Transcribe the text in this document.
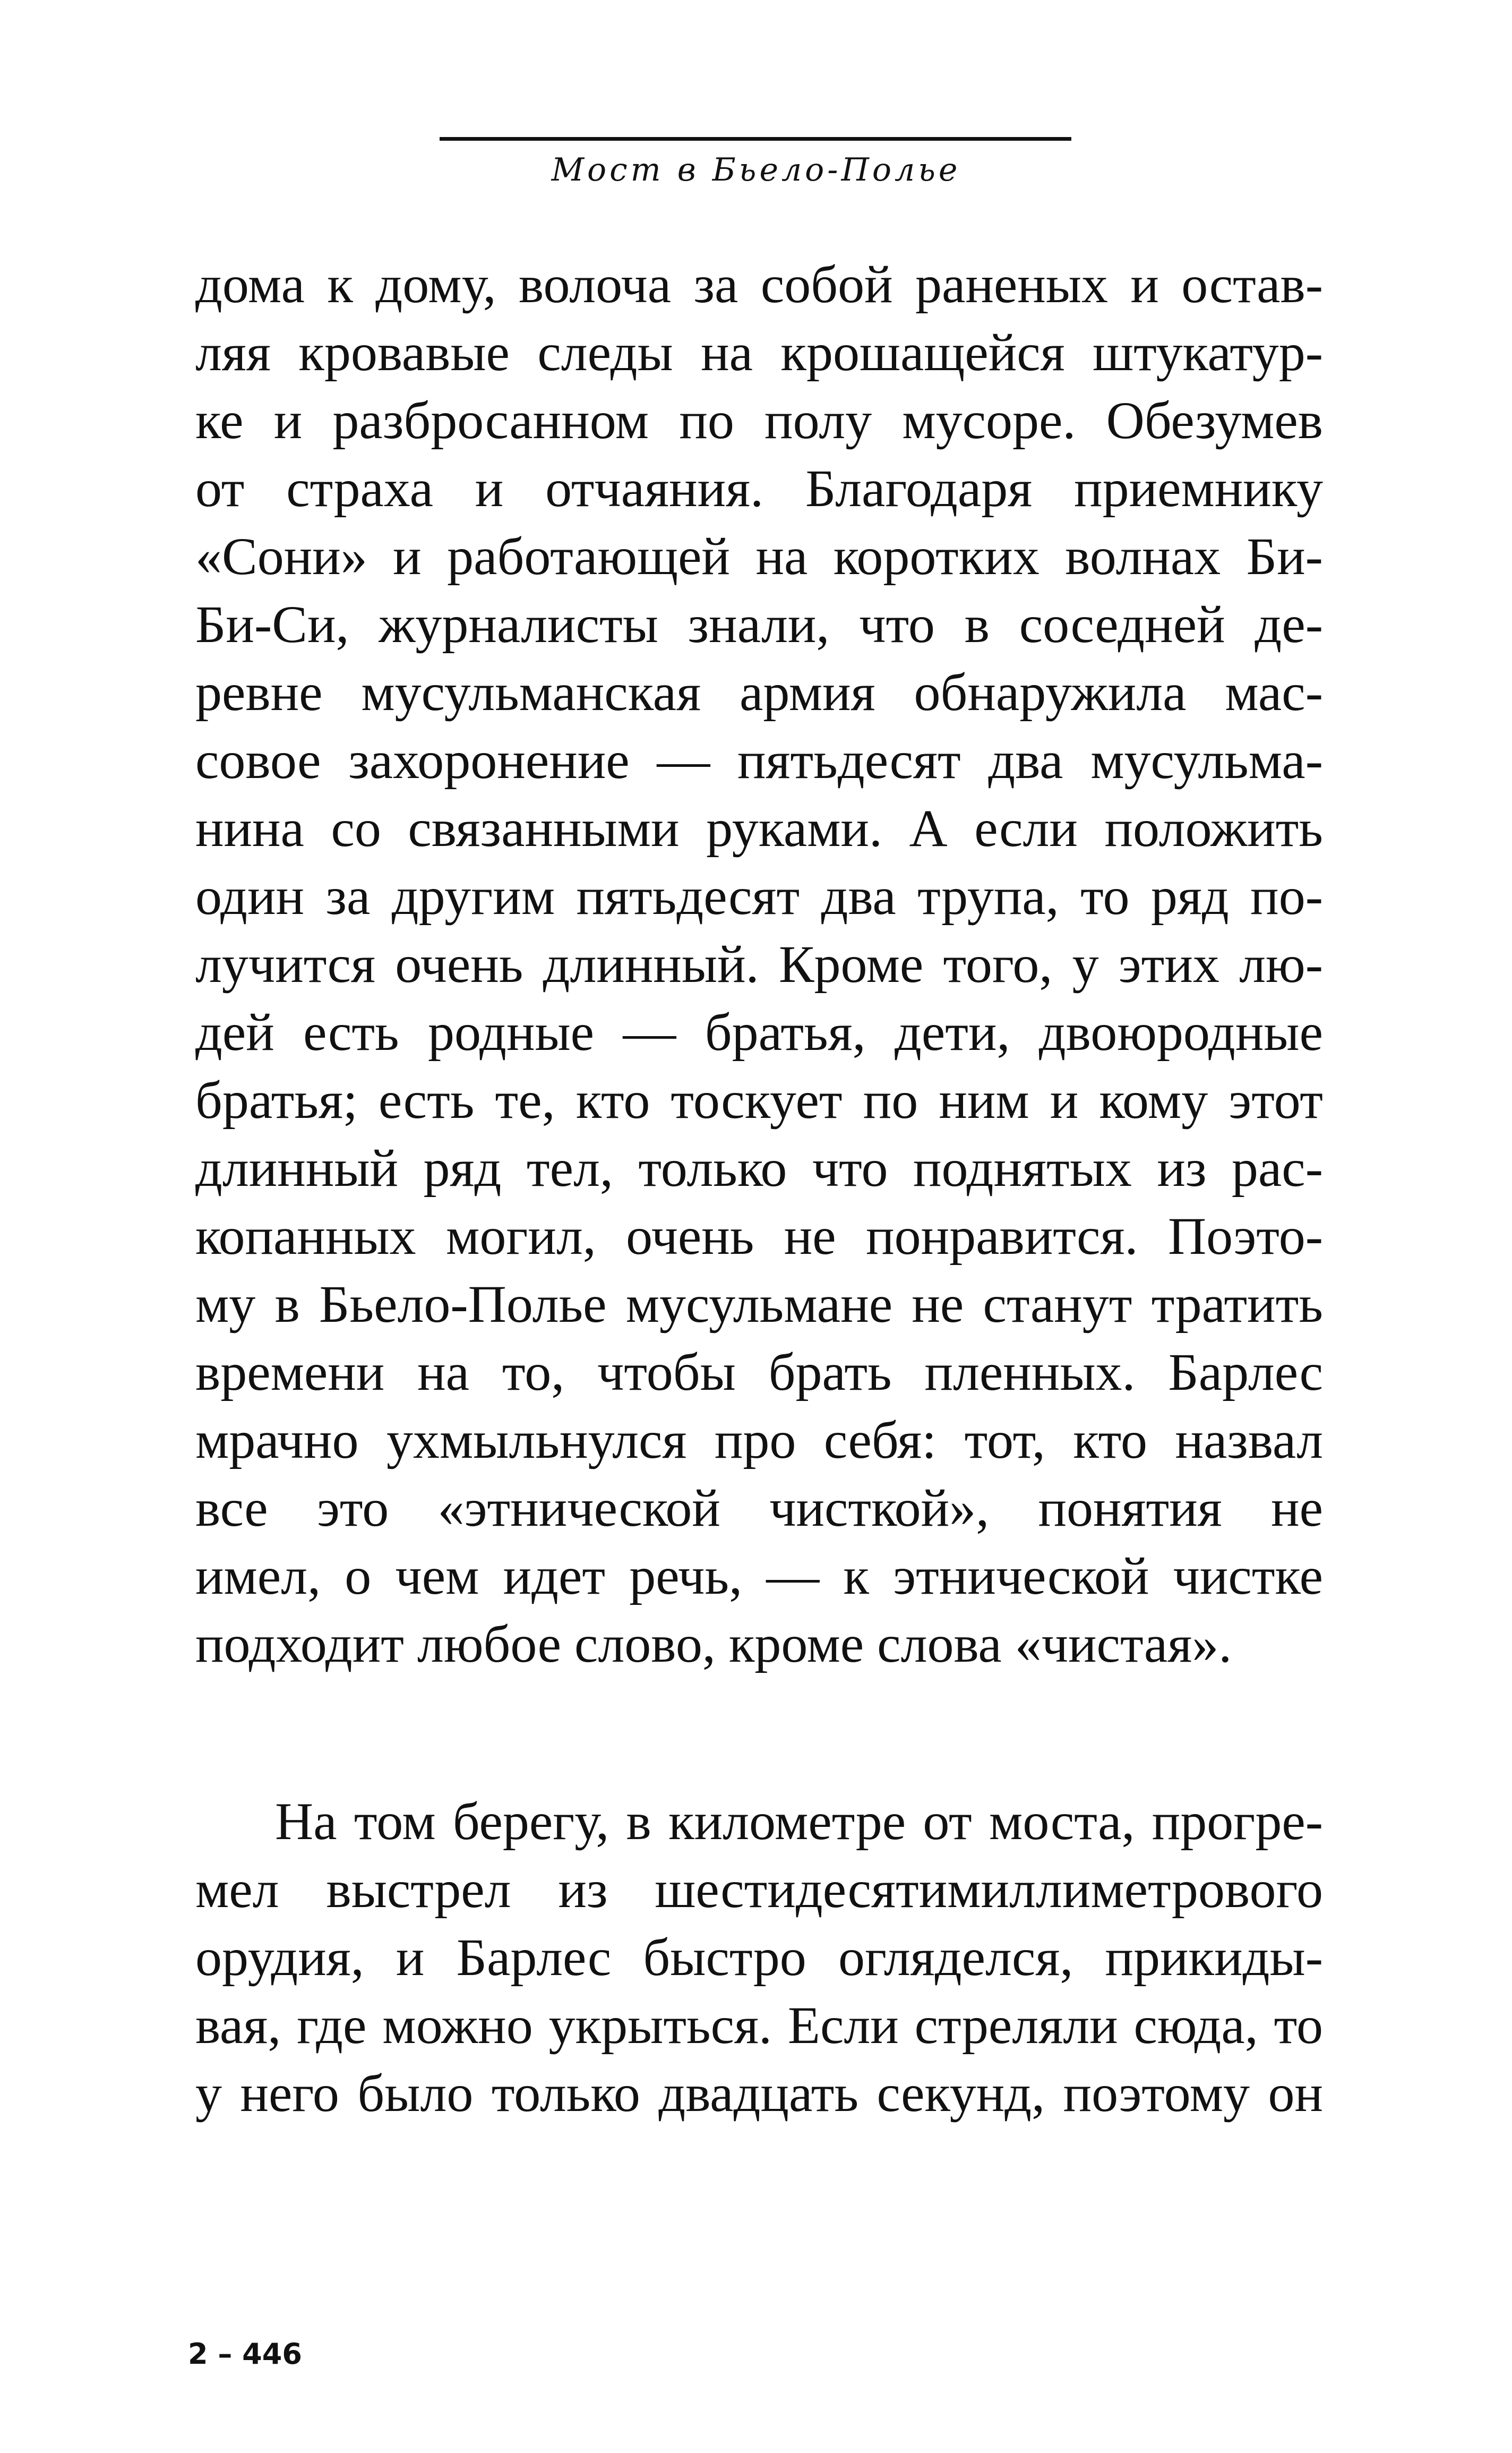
Мост в Бьело-Полье
дома к дому, волоча за собой раненых и остав-
ляя кровавые следы на крошащейся штукатур-
ке и разбросанном по полу мусоре. Обезумев
от страха и отчаяния. Благодаря приемнику
«Сони» и работающей на коротких волнах Би-
Би-Си, журналисты знали, что в соседней де-
ревне мусульманская армия обнаружила мас-
совое захоронение — пятьдесят два мусульма-
нина со связанными руками. А если положить
один за другим пятьдесят два трупа, то ряд по-
лучится очень длинный. Кроме того, у этих лю-
дей есть родные — братья, дети, двоюродные
братья; есть те, кто тоскует по ним и кому этот
длинный ряд тел, только что поднятых из рас-
копанных могил, очень не понравится. Поэто-
му в Бьело-Полье мусульмане не станут тратить
времени на то, чтобы брать пленных. Барлес
мрачно ухмыльнулся про себя: тот, кто назвал
все это «этнической чисткой», понятия не
имел, о чем идет речь, — к этнической чистке
подходит любое слово, кроме слова «чистая».
На том берегу, в километре от моста, прогре-
мел выстрел из шестидесятимиллиметрового
орудия, и Барлес быстро огляделся, прикиды-
вая, где можно укрыться. Если стреляли сюда, то
у него было только двадцать секунд, поэтому он
2 – 446
